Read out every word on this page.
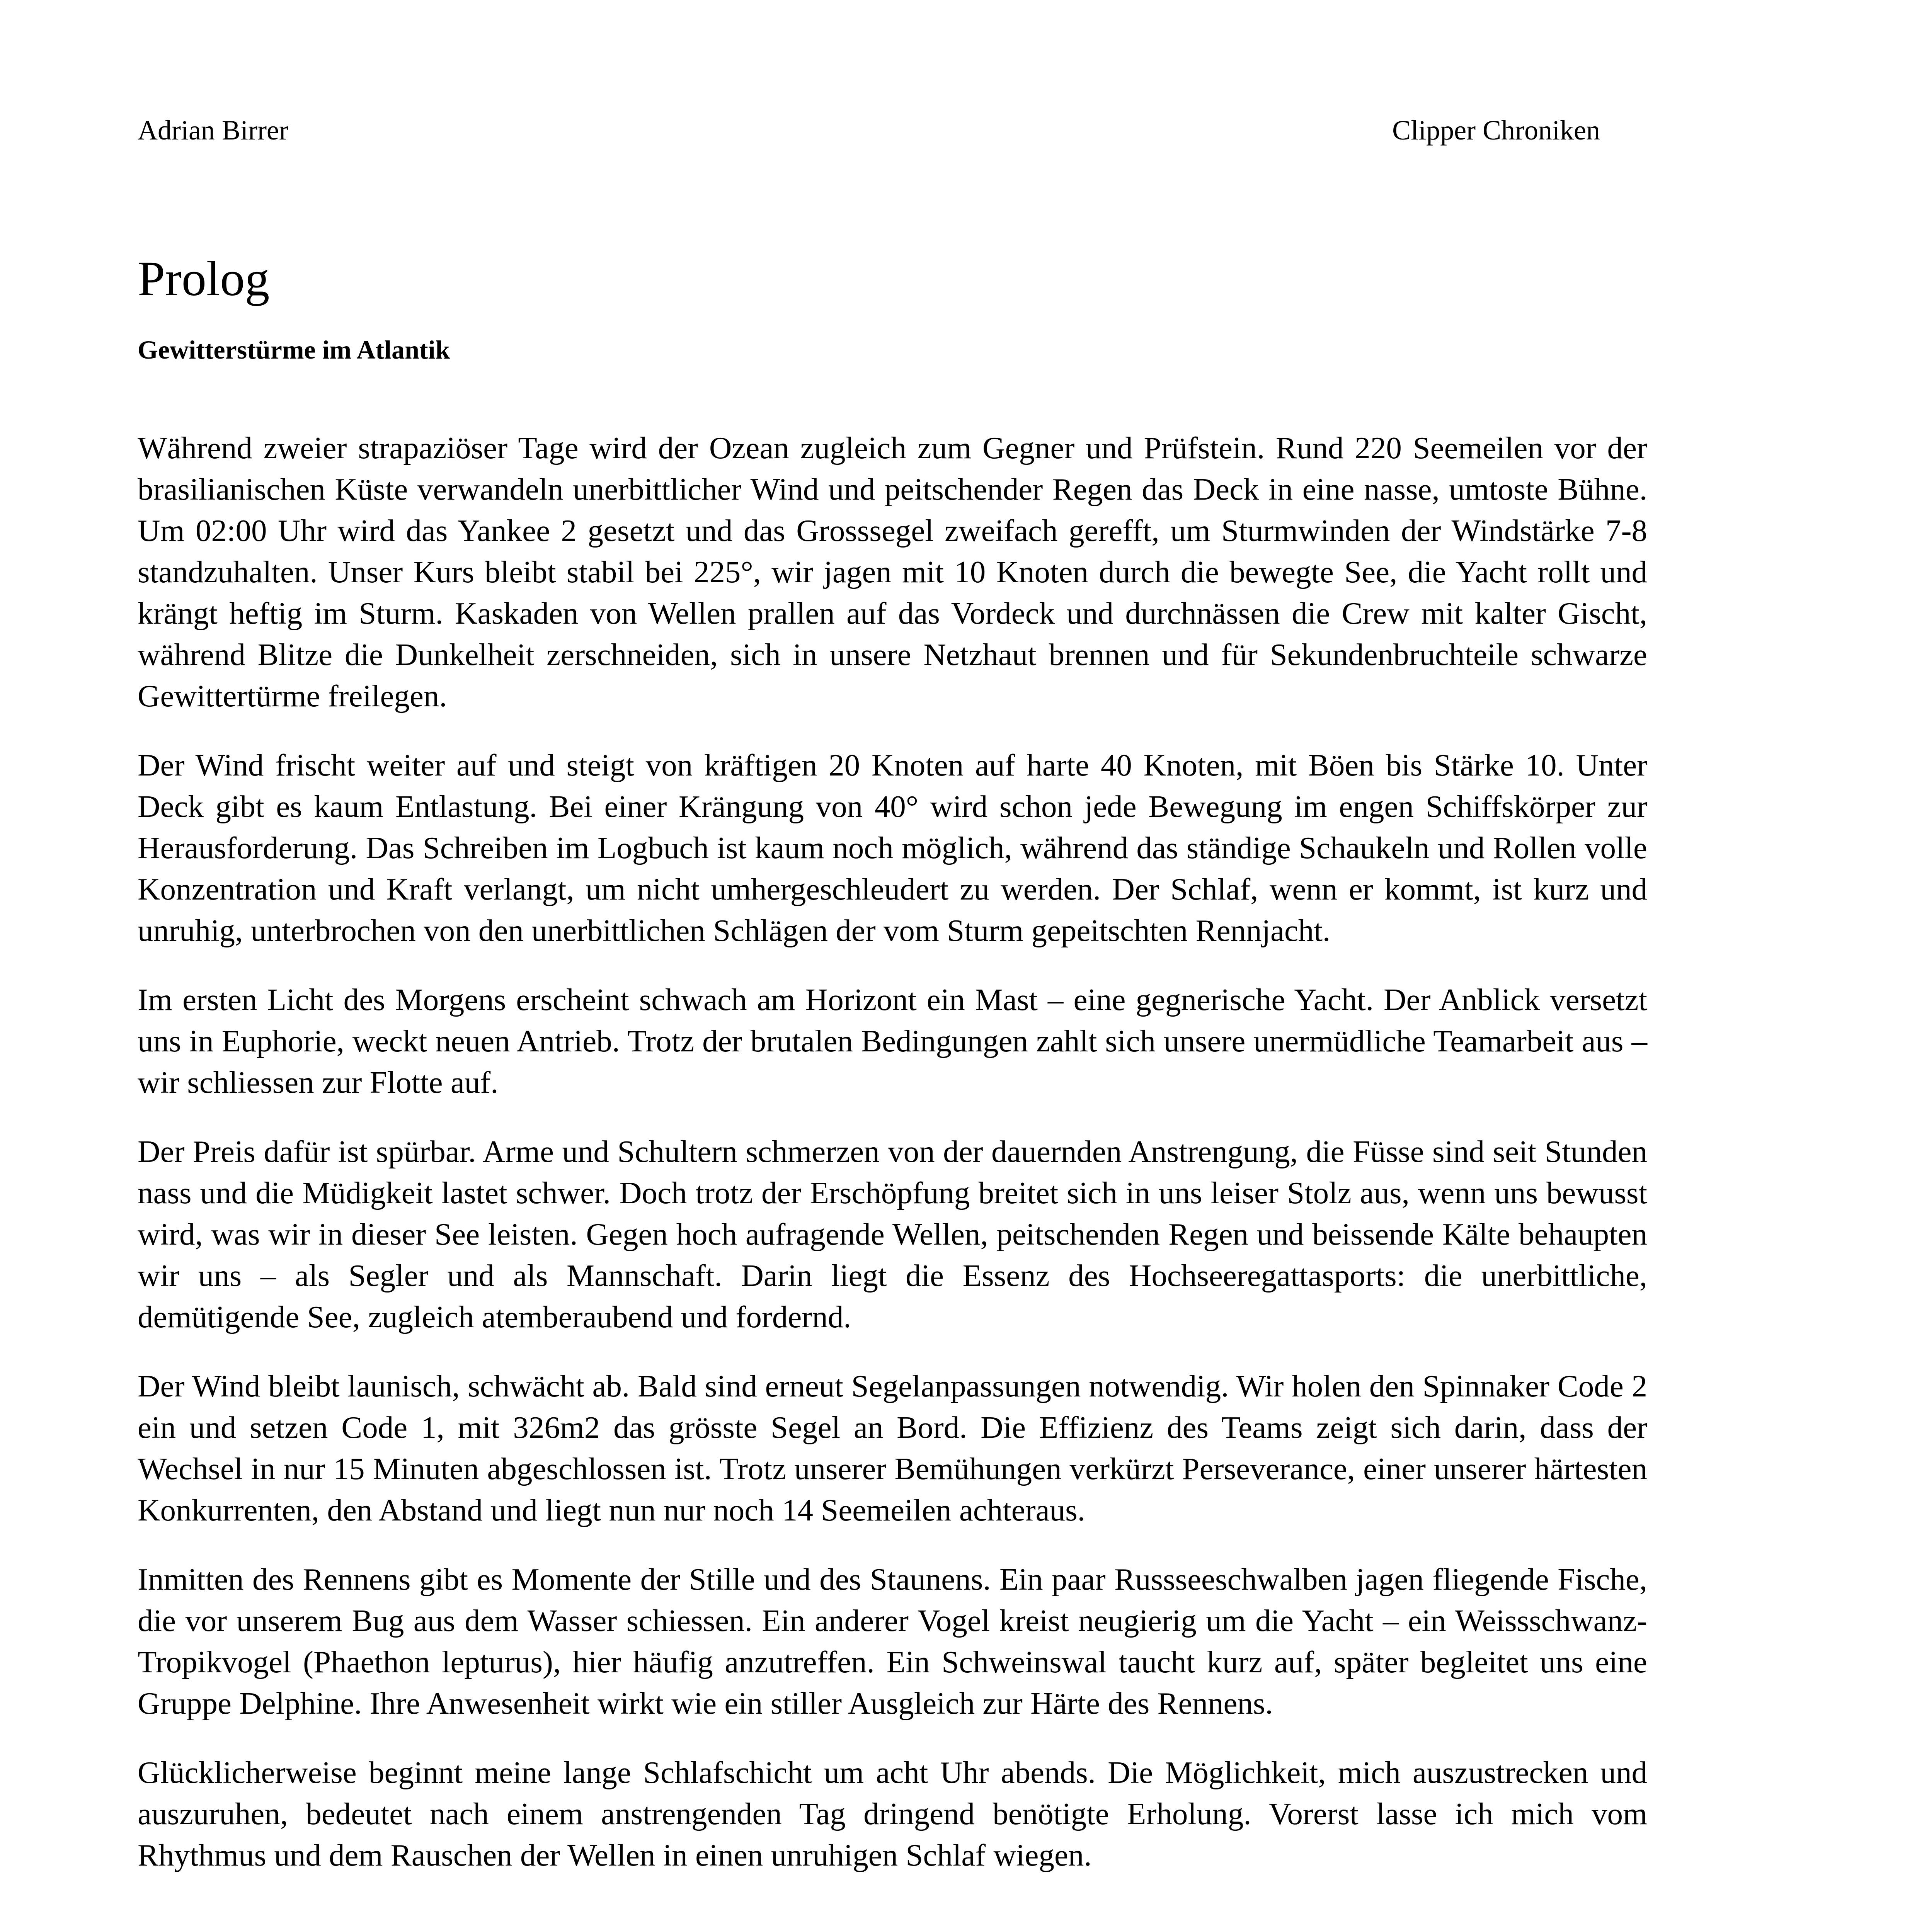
Adrian Birrer	Clipper Chroniken
Prolog
Gewitterstürme im Atlantik

Während zweier strapaziöser Tage wird der Ozean zugleich zum Gegner und Prüfstein. Rund 220 Seemeilen vor der brasilianischen Küste verwandeln unerbittlicher Wind und peitschender Regen das Deck in eine nasse, umtoste Bühne. Um 02:00 Uhr wird das Yankee 2 gesetzt und das Grosssegel zweifach gerefft, um Sturmwinden der Windstärke 7-8 standzuhalten. Unser Kurs bleibt stabil bei 225°, wir jagen mit 10 Knoten durch die bewegte See, die Yacht rollt und krängt heftig im Sturm. Kaskaden von Wellen prallen auf das Vordeck und durchnässen die Crew mit kalter Gischt, während Blitze die Dunkelheit zerschneiden, sich in unsere Netzhaut brennen und für Sekundenbruchteile schwarze Gewittertürme freilegen.

Der Wind frischt weiter auf und steigt von kräftigen 20 Knoten auf harte 40 Knoten, mit Böen bis Stärke 10. Unter Deck gibt es kaum Entlastung. Bei einer Krängung von 40° wird schon jede Bewegung im engen Schiffskörper zur Herausforderung. Das Schreiben im Logbuch ist kaum noch möglich, während das ständige Schaukeln und Rollen volle Konzentration und Kraft verlangt, um nicht umhergeschleudert zu werden. Der Schlaf, wenn er kommt, ist kurz und unruhig, unterbrochen von den unerbittlichen Schlägen der vom Sturm gepeitschten Rennjacht.

Im ersten Licht des Morgens erscheint schwach am Horizont ein Mast – eine gegnerische Yacht. Der Anblick versetzt uns in Euphorie, weckt neuen Antrieb. Trotz der brutalen Bedingungen zahlt sich unsere unermüdliche Teamarbeit aus – wir schliessen zur Flotte auf.

Der Preis dafür ist spürbar. Arme und Schultern schmerzen von der dauernden Anstrengung, die Füsse sind seit Stunden nass und die Müdigkeit lastet schwer. Doch trotz der Erschöpfung breitet sich in uns leiser Stolz aus, wenn uns bewusst wird, was wir in dieser See leisten. Gegen hoch aufragende Wellen, peitschenden Regen und beissende Kälte behaupten wir uns – als Segler und als Mannschaft. Darin liegt die Essenz des Hochseeregattasports: die unerbittliche, demütigende See, zugleich atemberaubend und fordernd.

Der Wind bleibt launisch, schwächt ab. Bald sind erneut Segelanpassungen notwendig. Wir holen den Spinnaker Code 2 ein und setzen Code 1, mit 326m2 das grösste Segel an Bord. Die Effizienz des Teams zeigt sich darin, dass der Wechsel in nur 15 Minuten abgeschlossen ist. Trotz unserer Bemühungen verkürzt Perseverance, einer unserer härtesten Konkurrenten, den Abstand und liegt nun nur noch 14 Seemeilen achteraus.

Inmitten des Rennens gibt es Momente der Stille und des Staunens. Ein paar Russseeschwalben jagen fliegende Fische, die vor unserem Bug aus dem Wasser schiessen. Ein anderer Vogel kreist neugierig um die Yacht – ein Weissschwanz-Tropikvogel (Phaethon lepturus), hier häufig anzutreffen. Ein Schweinswal taucht kurz auf, später begleitet uns eine Gruppe Delphine. Ihre Anwesenheit wirkt wie ein stiller Ausgleich zur Härte des Rennens.

Glücklicherweise beginnt meine lange Schlafschicht um acht Uhr abends. Die Möglichkeit, mich auszustrecken und auszuruhen, bedeutet nach einem anstrengenden Tag dringend benötigte Erholung. Vorerst lasse ich mich vom Rhythmus und dem Rauschen der Wellen in einen unruhigen Schlaf wiegen.
